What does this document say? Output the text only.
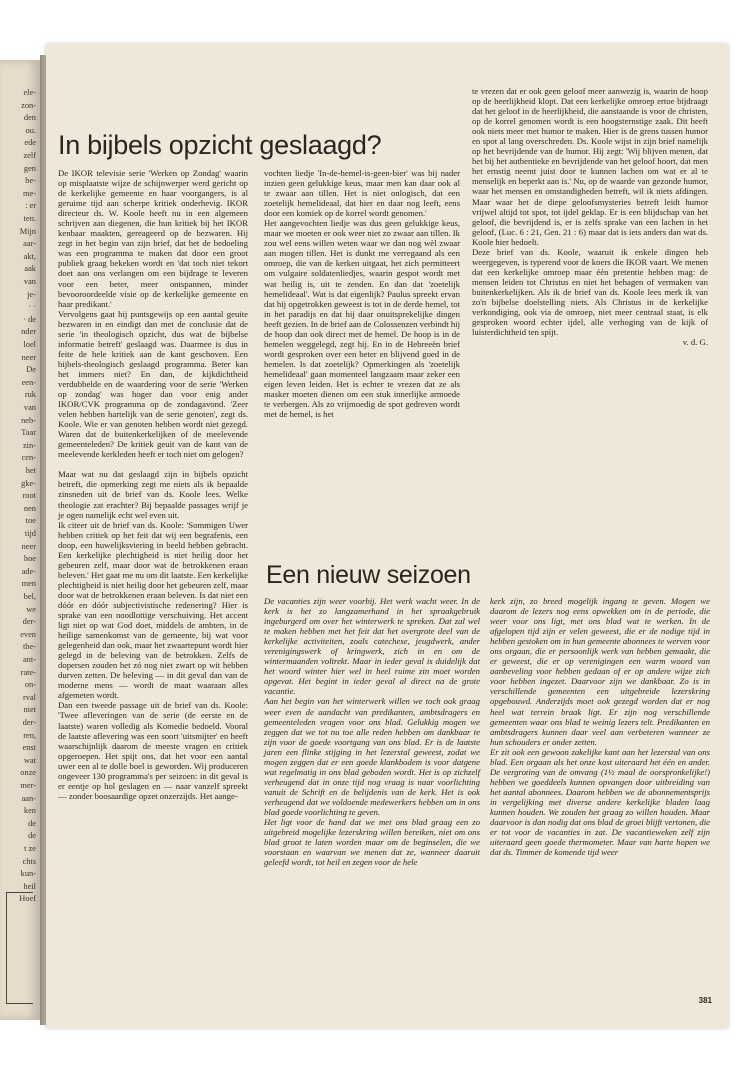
ele-
zon-
den
ou.
ede
zelf
gen
be-
me-
: er
ten.
Mijn
aar-
akt,
aak
van
je-
· ·
· de
nder
loel
neer
De
een-
ruk
van
neb-
Taar
zin-
cen-
het
gke-
root
nen
toe
tijd
neer
hoe
ade-
men
bel,
we
der-
even
tbe-
ant-
rate-
on-
rval
niet
der-
ren,
enst
wat
onze
mer-
aan-
ken
de
de
t ze
chts
kun-
heil
Hoef
In bijbels opzicht geslaagd?

De IKOR televisie serie 'Werken op Zondag' waarin op misplaatste wijze de schijnwerper werd gericht op de kerkelijke gemeente en haar voorgangers, is al geruime tijd aan scherpe kritiek onderhevig. IKOR directeur ds. W. Koole heeft nu in een algemeen schrijven aan diegenen, die hun kritiek bij het IKOR kenbaar maakten, gereageerd op de bezwaren. Hij zegt in het begin van zijn brief, dat het de bedoeling was een programma te maken dat door een groot publiek graag bekeken wordt en 'dat toch niet tekort doet aan ons verlangen om een bijdrage te leveren voor een beter, meer ontspannen, minder bevooroordeelde visie op de kerkelijke gemeente en haar predikant.'

Vervolgens gaat hij puntsgewijs op een aantal geuite bezwaren in en eindigt dan met de conclusie dat de serie 'in theologisch opzicht, dus wat de bijbelse informatie betreft' geslaagd was. Daarmee is dus in feite de hele kritiek aan de kant geschoven. Een bijbels-theologisch geslaagd programma. Beter kan het immers niet? En dan, de kijkdichtheid verdubbelde en de waardering voor de serie 'Werken op zondag' was hoger dan voor enig ander IKOR/CVK programma op de zondagavond. 'Zeer velen hebben hartelijk van de serie genoten', zegt ds. Koole. Wie er van genoten hebben wordt niet gezegd. Waren dat de buitenkerkelijken of de meelevende gemeenteleden? De kritiek geuit van de kant van de meelevende kerkleden heeft er toch niet om gelogen?

Maar wat nu dat geslaagd zijn in bijbels opzicht betreft, die opmerking zegt me niets als ik bepaalde zinsneden uit de brief van ds. Koole lees. Welke theologie zat erachter? Bij bepaalde passages wrijf je je ogen namelijk echt wel even uit.

Ik citeer uit de brief van ds. Koole: 'Sommigen Uwer hebben critiek op het feit dat wij een begrafenis, een doop, een huwelijksviering in beeld hebben gebracht. Een kerkelijke plechtigheid is niet heilig door het gebeuren zelf, maar door wat de betrokkenen eraan beleven.' Het gaat me nu om dit laatste. Een kerkelijke plechtigheid is niet heilig door het gebeuren zelf, maar door wat de betrokkenen eraan beleven. Is dat niet een dóór en dóór subjectivistische redenering? Hier is sprake van een noodlottige verschuiving. Het accent ligt niet op wat God doet, middels de ambten, in de heilige samenkomst van de gemeente, bij wat voor gelegenheid dan ook, maar het zwaartepunt wordt hier gelegd in de beleving van de betrokken. Zelfs de dopersen zouden het zó nog niet zwart op wit hebben durven zetten. De beleving — in dit geval dan van de moderne mens — wordt de maat waaraan alles afgemeten wordt.

Dan een tweede passage uit de brief van ds. Koole: 'Twee afleveringen van de serie (de eerste en de laatste) waren volledig als Komedie bedoeld. Vooral de laatste aflevering was een soort 'uitsmijter' en heeft waarschijnlijk daarom de meeste vragen en critiek opgeroepen. Het spijt ons, dat het voor een aantal uwer een al te dolle boel is geworden. Wij produceren ongeveer 130 programma's per seizoen: in dit geval is er eentje op hol geslagen en — naar vanzelf spreekt — zonder boosaardige opzet onzerzijds. Het aange-

vochten liedje 'In-de-hemel-is-geen-bier' was bij nader inzien geen gelukkige keus, maar men kan daar ook al te zwaar aan tillen. Het is niet onlogisch, dat een zoetelijk hemelideaal, dat hier en daar nog leeft, eens door een komiek op de korrel wordt genomen.'

Het aangevochten liedje was dus geen gelukkige keus, maar we moeten er ook weer niet zo zwaar aan tillen. Ik zou wel eens willen weten waar we dan nog wèl zwaar aan mogen tillen. Het is dunkt me verregaand als een omroep, die van de kerken uitgaat, het zich permitteert om vulgaire soldatenliedjes, waarin gespot wordt met wat heilig is, uit te zenden. En dan dat 'zoetelijk hemelideaal'. Wat is dat eigenlijk? Paulus spreekt ervan dat hij opgetrokken geweest is tot in de derde hemel, tot in het paradijs en dat hij daar onuitsprekelijke dingen heeft gezien. In de brief aan de Colossenzen verbindt hij de hoop dan ook direct met de hemel. De hoop is in de hemelen weggelegd, zegt hij. En in de Hebreeën brief wordt gesproken over een beter en blijvend goed in de hemelen. Is dat zoetelijk? Opmerkingen als 'zoetelijk hemelideaal' gaan momenteel langzaam maar zeker een eigen leven leiden. Het is echter te vrezen dat ze als masker moeten dienen om een stuk innerlijke armoede te verbergen. Als zo vrijmoedig de spot gedreven wordt met de hemel, is het

te vrezen dat er ook geen geloof meer aanwezig is, waarin de hoop op de heerlijkheid klopt. Dat een kerkelijke omroep ertoe bijdraagt dat het geloof in de heerlijkheid, die aanstaande is voor de christen, op de korrel genomen wordt is een hoogsternstige zaak. Dit heeft ook niets meer met humor te maken. Hier is de grens tussen humor en spot al lang overschreden. Ds. Koole wijst in zijn brief namelijk op het bevrijdende van de humor. Hij zegt: 'Wij blijven menen, dat het bij het authentieke en bevrijdende van het geloof hoort, dat men het ernstig neemt juist door te kunnen lachen om wat er al te menselijk en beperkt aan is.' Nu, op de waarde van gezonde humor, waar het mensen en omstandigheden betreft, wil ik niets afdingen. Maar waar het de diepe geloofsmysteries betreft leidt humor vrijwel altijd tot spot, tot ijdel geklap. Er is een blijdschap van het geloof, die bevrijdend is, er is zelfs sprake van een lachen in het geloof, (Luc. 6 : 21, Gen. 21 : 6) maar dat is iets anders dan wat ds. Koole hier bedoelt.

Deze brief van ds. Koole, waaruit ik enkele dingen heb weergegeven, is typerend voor de koers die IKOR vaart. We menen dat een kerkelijke omroep maar één pretentie hebben mag: de mensen leiden tot Christus en niet het behagen of vermaken van buitenkerkelijken. Als ik de brief van ds. Koole lees merk ik van zo'n bijbelse doelstelling niets. Als Christus in de kerkelijke verkondiging, ook via de omroep, niet meer centraal staat, is elk gesproken woord echter ijdel, alle verhoging van de kijk of luisterdichtheid ten spijt.

v. d. G.

Een nieuw seizoen

De vacanties zijn weer voorbij. Het werk wacht weer. In de kerk is het zo langzamerhand in het spraakgebruik ingeburgerd om over het winterwerk te spreken. Dat zal wel te maken hebben met het feit dat het overgrote deel van de kerkelijke activiteiten, zoals catechese, jeugdwerk, ander verenigingswerk of kringwerk, zich in en om de wintermaanden voltrekt. Maar in ieder geval is duidelijk dat het woord winter hier wel in heel ruime zin moet worden opgevat. Het begint in ieder geval al direct na de grote vacantie.

Aan het begin van het winterwerk willen we toch ook graag weer even de aandacht van predikanten, ambtsdragers en gemeenteleden vragen voor ons blad. Gelukkig mogen we zeggen dat we tot nu toe alle reden hebben om dankbaar te zijn voor de goede voortgang van ons blad. Er is de laatste jaren een flinke stijging in het lezerstal geweest, zodat we mogen zeggen dat er een goede klankbodem is voor datgene wat regelmatig in ons blad geboden wordt. Het is op zichzelf verheugend dat in onze tijd nog vraag is naar voorlichting vanuit de Schrift en de belijdenis van de kerk. Het is ook verheugend dat we voldoende medewerkers hebben om in ons blad goede voorlichting te geven.

Het ligt voor de hand dat we met ons blad graag een zo uitgebreid mogelijke lezerskring willen bereiken, niet om ons blad groot te laten worden maar om de beginselen, die we voorstaan en waarvan we menen dat ze, wanneer daaruit geleefd wordt, tot heil en zegen voor de hele

kerk zijn, zo breed mogelijk ingang te geven. Mogen we daarom de lezers nog eens opwekken om in de periode, die weer voor ons ligt, met ons blad wat te werken. In de afgelopen tijd zijn er velen geweest, die er de nodige tijd in hebben gestoken om in hun gemeente abonnees te werven voor ons orgaan, die er persoonlijk werk van hebben gemaakt, die er geweest, die er op verenigingen een warm woord van aanbeveling voor hebben gedaan of er op andere wijze zich voor hebben ingezet. Daarvoor zijn we dankbaar. Zo is in verschillende gemeenten een uitgebreide lezerskring opgebouwd. Anderzijds moet ook gezegd worden dat er nog heel wat terrein braak ligt. Er zijn nog verschillende gemeenten waar ons blad te weinig lezers telt. Predikanten en ambtsdragers kunnen daar veel aan verbeteren wanneer ze hun schouders er onder zetten.

Er zit ook een gewoon zakelijke kant aan het lezerstal van ons blad. Een orgaan als het onze kost uiteraard het één en ander. De vergroting van de omvang (1½ maal de oorspronkelijke!) hebben we goeddeels kunnen opvangen door uitbreiding van het aantal abonnees. Daarom hebben we de abonnementsprijs in vergelijking met diverse andere kerkelijke bladen laag kunnen houden. We zouden het graag zo willen houden. Maar daarvoor is dan nodig dat ons blad de groei blijft vertonen, die er tot voor de vacanties in zat. De vacantieweken zelf zijn uiteraard geen goede thermometer. Maar van harte hopen we dat ds. Timmer de komende tijd weer

381
